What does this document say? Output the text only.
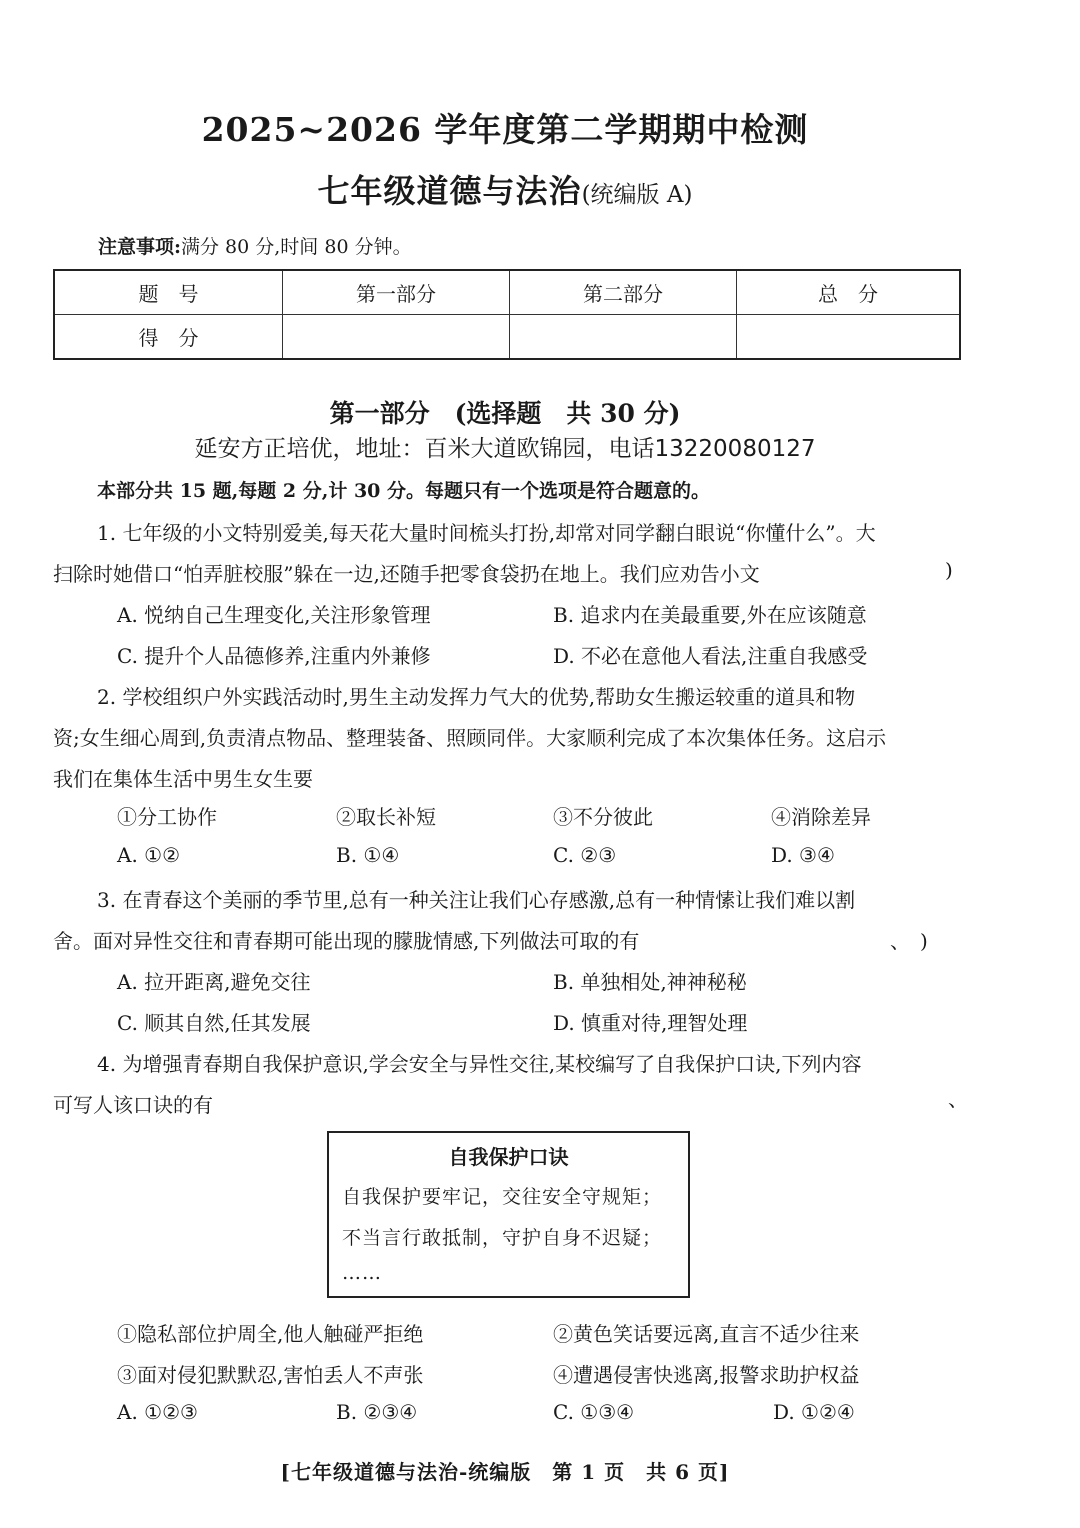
2025~2026 学年度第二学期期中检测
七年级道德与法治(统编版 A)
注意事项:满分 80 分,时间 80 分钟。
题　号	第一部分	第二部分	总　分
得　分			
第一部分　(选择题　共 30 分)
延安方正培优，地址：百米大道欧锦园，电话13220080127
本部分共 15 题,每题 2 分,计 30 分。每题只有一个选项是符合题意的。
1. 七年级的小文特别爱美,每天花大量时间梳头打扮,却常对同学翻白眼说“你懂什么”。大
扫除时她借口“怕弄脏校服”躲在一边,还随手把零食袋扔在地上。我们应劝告小文	)
A. 悦纳自己生理变化,关注形象管理	B. 追求内在美最重要,外在应该随意
C. 提升个人品德修养,注重内外兼修	D. 不必在意他人看法,注重自我感受
2. 学校组织户外实践活动时,男生主动发挥力气大的优势,帮助女生搬运较重的道具和物
资;女生细心周到,负责清点物品、整理装备、照顾同伴。大家顺利完成了本次集体任务。这启示
我们在集体生活中男生女生要
①分工协作	②取长补短	③不分彼此	④消除差异
A. ①②	B. ①④	C. ②③	D. ③④
3. 在青春这个美丽的季节里,总有一种关注让我们心存感激,总有一种情愫让我们难以割
舍。面对异性交往和青春期可能出现的朦胧情感,下列做法可取的有	、　)
A. 拉开距离,避免交往	B. 单独相处,神神秘秘
C. 顺其自然,任其发展	D. 慎重对待,理智处理
4. 为增强青春期自我保护意识,学会安全与异性交往,某校编写了自我保护口诀,下列内容
可写人该口诀的有	、
自我保护口诀
自我保护要牢记，交往安全守规矩；
不当言行敢抵制，守护自身不迟疑；
……
①隐私部位护周全,他人触碰严拒绝	②黄色笑话要远离,直言不适少往来
③面对侵犯默默忍,害怕丢人不声张	④遭遇侵害快逃离,报警求助护权益
A. ①②③	B. ②③④	C. ①③④	D. ①②④
[七年级道德与法治-统编版　第 1 页　共 6 页]
